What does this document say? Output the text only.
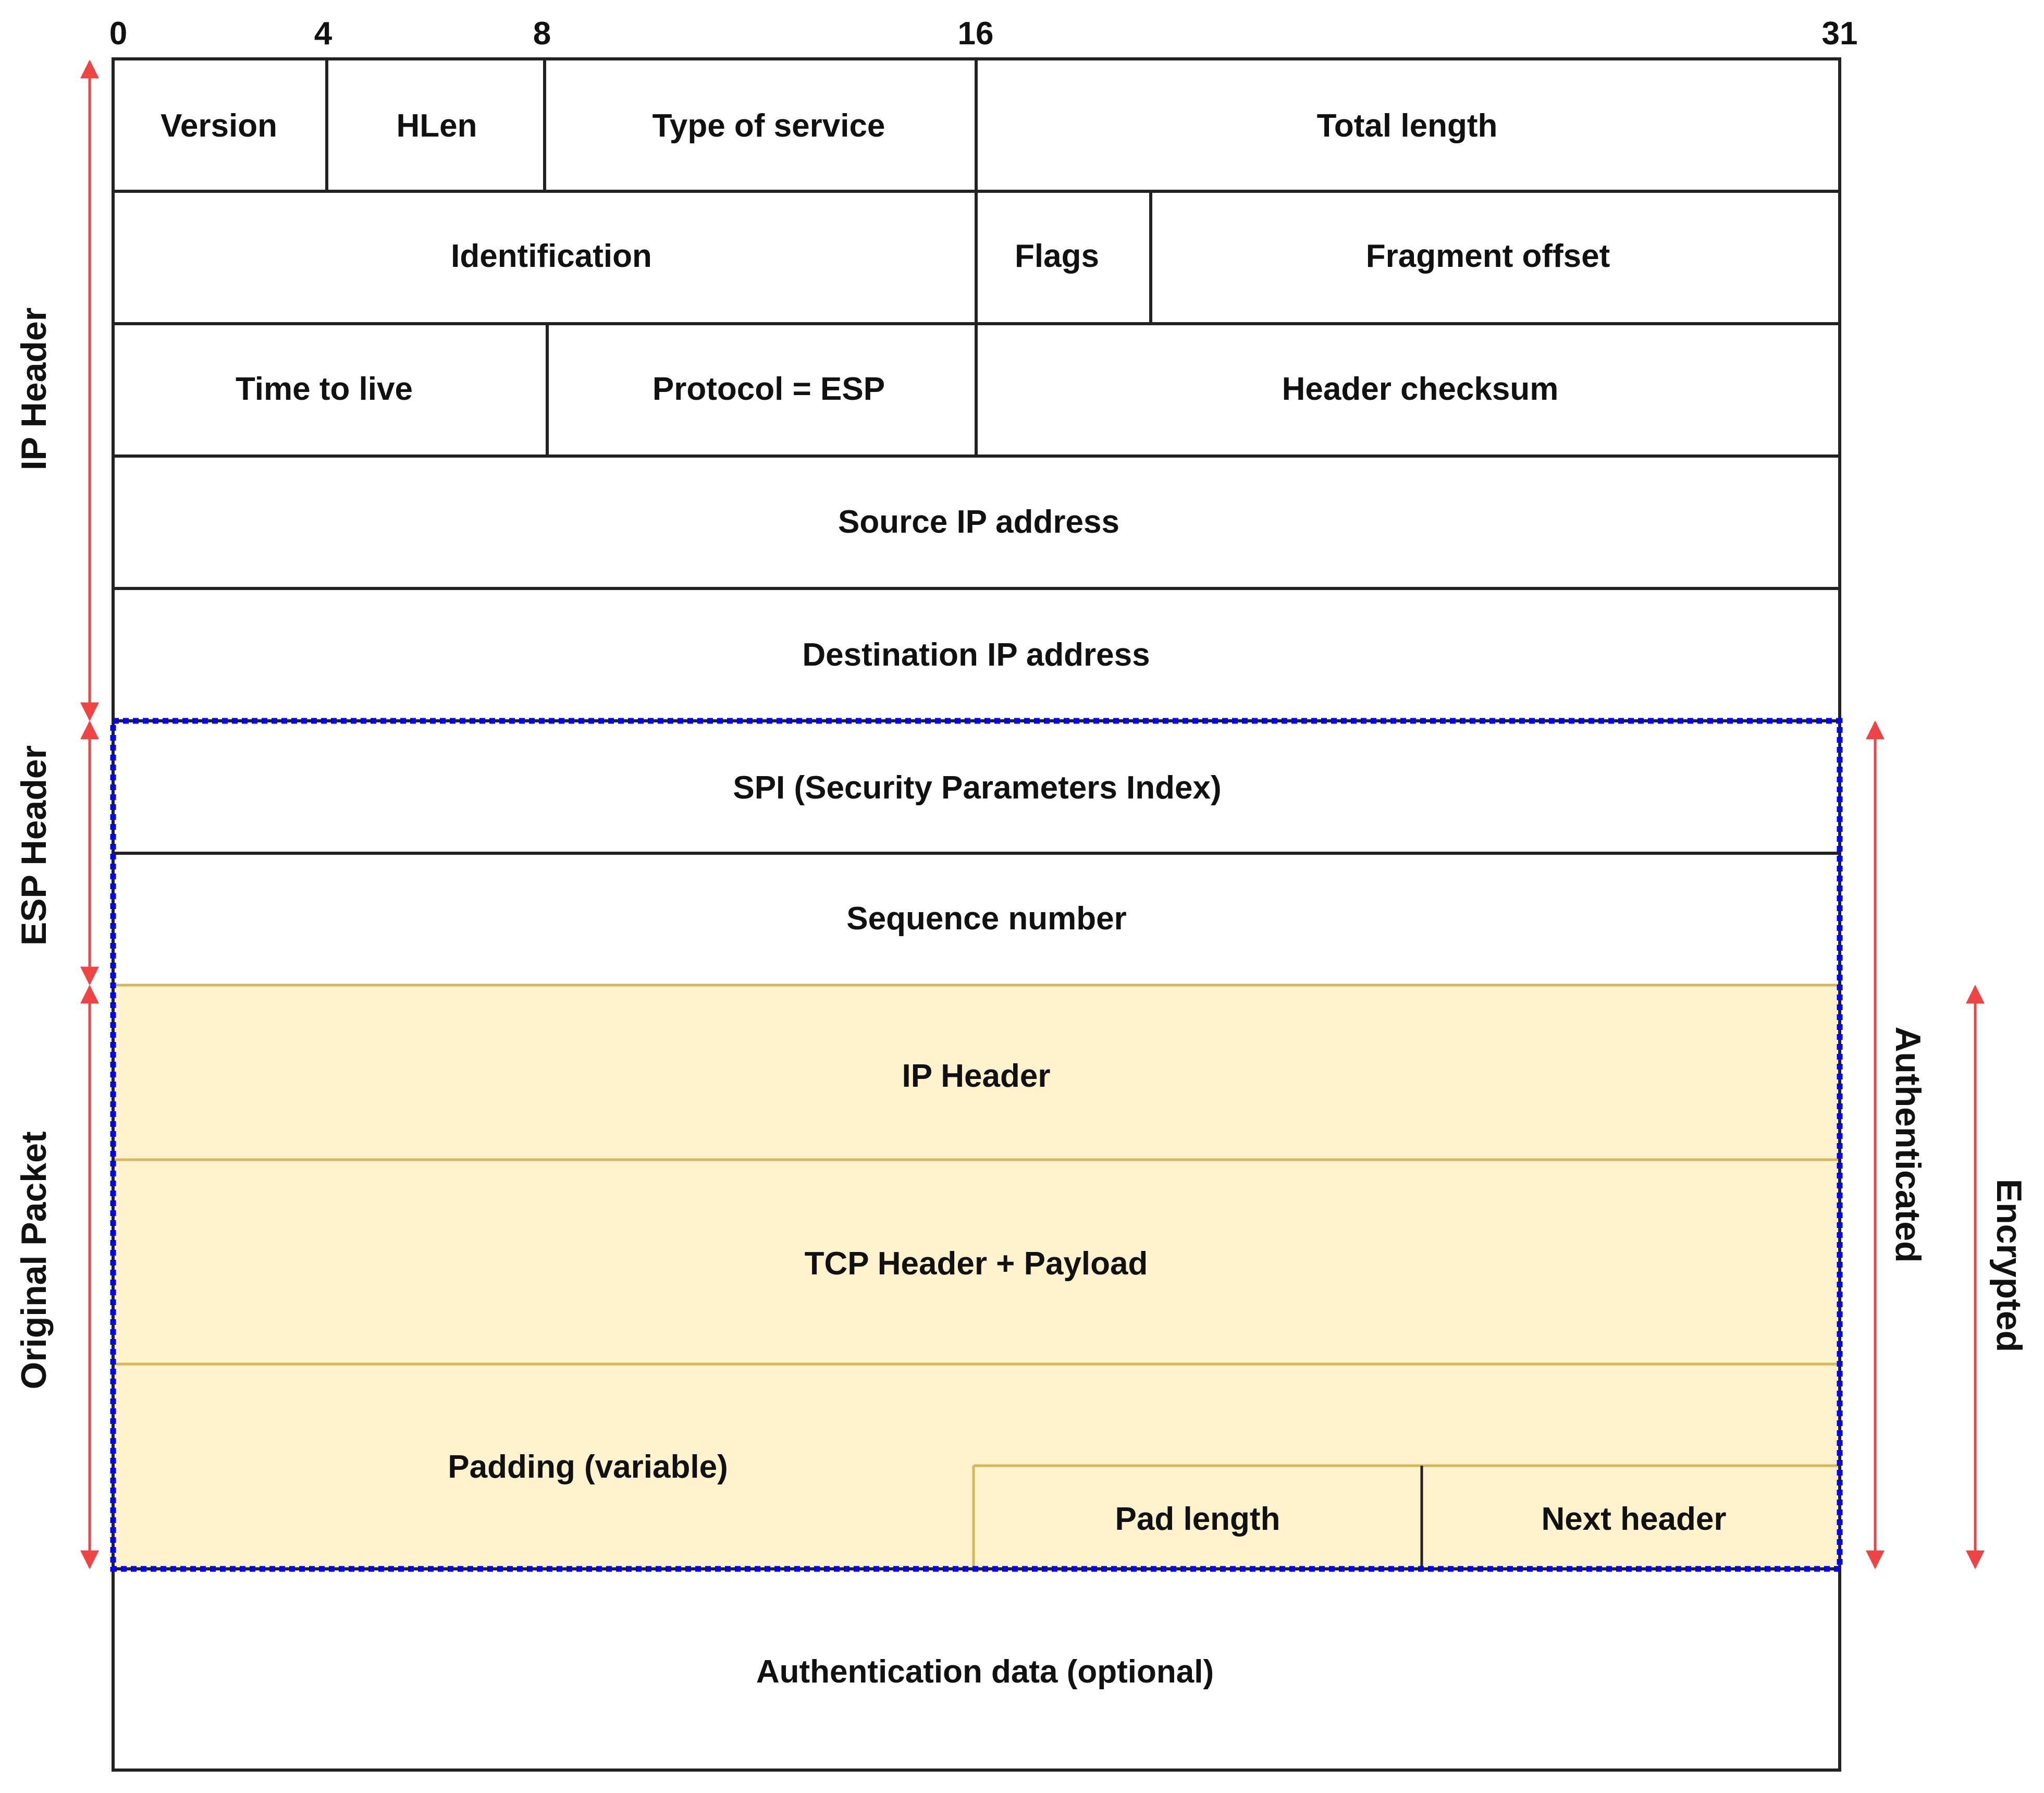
0	4	8	16	31
Version	HLen	Type of service	Total length
Identification	Flags	Fragment offset
Time to live	Protocol = ESP	Header checksum
Source IP address
Destination IP address
SPI (Security Parameters Index)
Sequence number
IP Header
TCP Header + Payload
Padding (variable)
Pad length	Next header
Authentication data (optional)
IP Header
ESP Header
Original Packet	Authenticated
Encrypted
